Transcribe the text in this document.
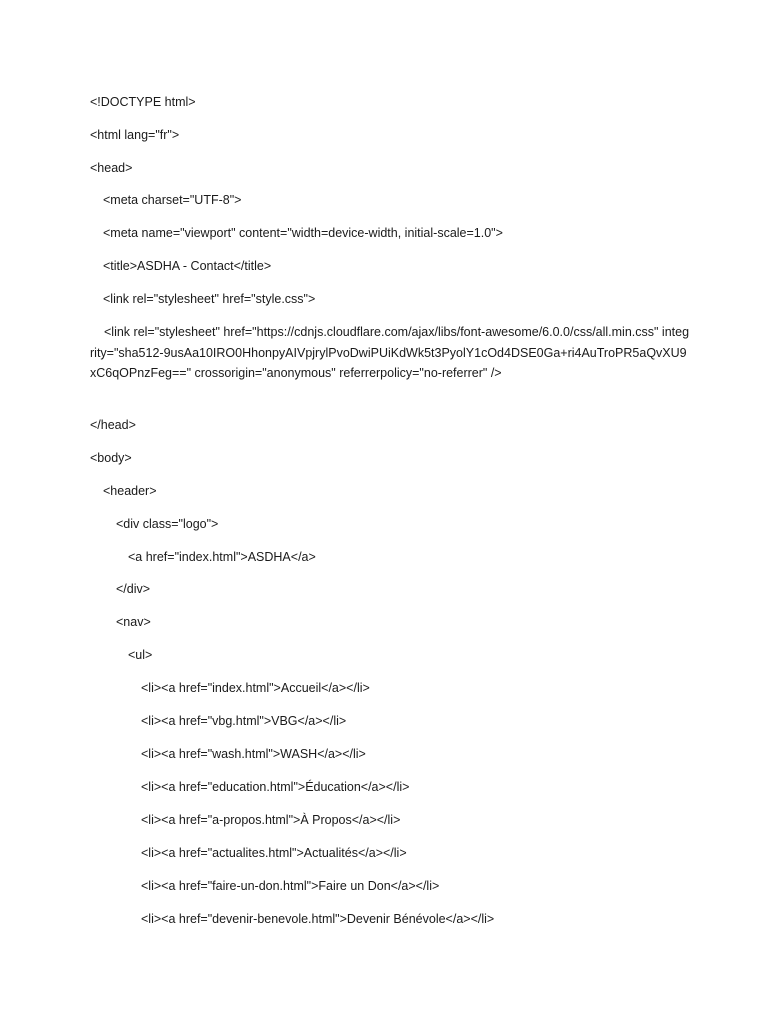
<!DOCTYPE html>

<html lang="fr">

<head>

<meta charset="UTF-8">

<meta name="viewport" content="width=device-width, initial-scale=1.0">

<title>ASDHA - Contact</title>

<link rel="stylesheet" href="style.css">

<link rel="stylesheet" href="https://cdnjs.cloudflare.com/ajax/libs/font-awesome/6.0.0/css/all.min.css" integrity="sha512-9usAa10IRO0HhonpyAIVpjrylPvoDwiPUiKdWk5t3PyolY1cOd4DSE0Ga+ri4AuTroPR5aQvXU9xC6qOPnzFeg==" crossorigin="anonymous" referrerpolicy="no-referrer" />

</head>

<body>

<header>

<div class="logo">

<a href="index.html">ASDHA</a>

</div>

<nav>

<ul>

<li><a href="index.html">Accueil</a></li>

<li><a href="vbg.html">VBG</a></li>

<li><a href="wash.html">WASH</a></li>

<li><a href="education.html">Éducation</a></li>

<li><a href="a-propos.html">À Propos</a></li>

<li><a href="actualites.html">Actualités</a></li>

<li><a href="faire-un-don.html">Faire un Don</a></li>

<li><a href="devenir-benevole.html">Devenir Bénévole</a></li>
